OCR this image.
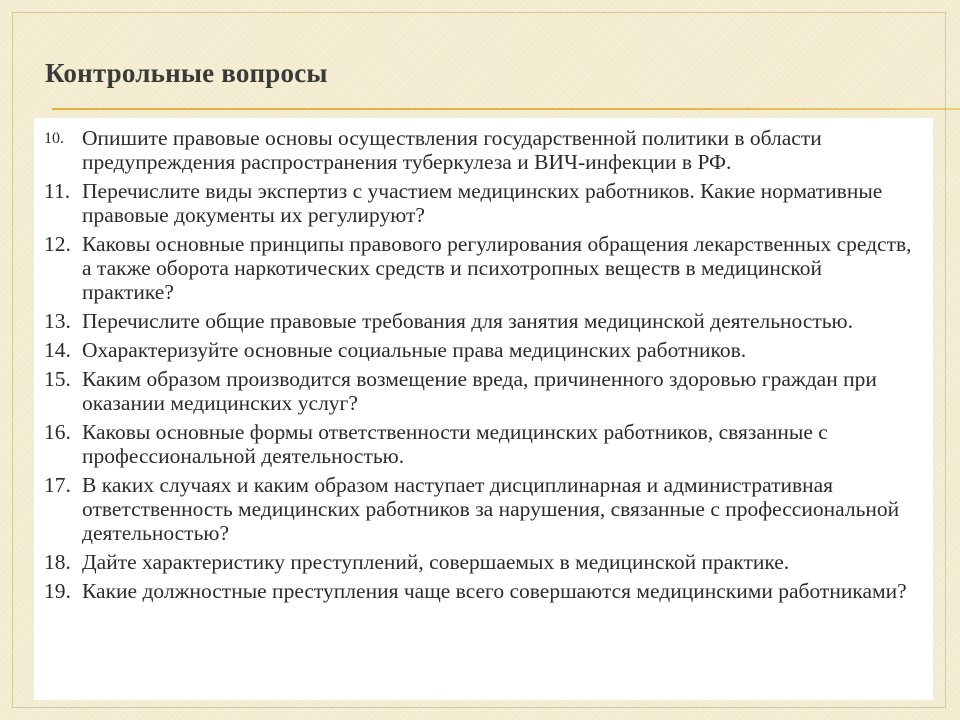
Контрольные вопросы
10. Опишите правовые основы осуществления государственной политики в области предупреждения распространения туберкулеза и ВИЧ-инфекции в РФ.
11. Перечислите виды экспертиз с участием медицинских работников. Какие нормативные правовые документы их регулируют?
12. Каковы основные принципы правового регулирования обращения лекарственных средств, а также оборота наркотических средств и психотропных веществ в медицинской практике?
13. Перечислите общие правовые требования для занятия медицинской деятельностью.
14. Охарактеризуйте основные социальные права медицинских работников.
15. Каким образом производится возмещение вреда, причиненного здоровью граждан при оказании медицинских услуг?
16. Каковы основные формы ответственности медицинских работников, связанные с профессиональной деятельностью.
17. В каких случаях и каким образом наступает дисциплинарная и административная ответственность медицинских работников за нарушения, связанные с профессиональной деятельностью?
18. Дайте характеристику преступлений, совершаемых в медицинской практике.
19. Какие должностные преступления чаще всего совершаются медицинскими работниками?
